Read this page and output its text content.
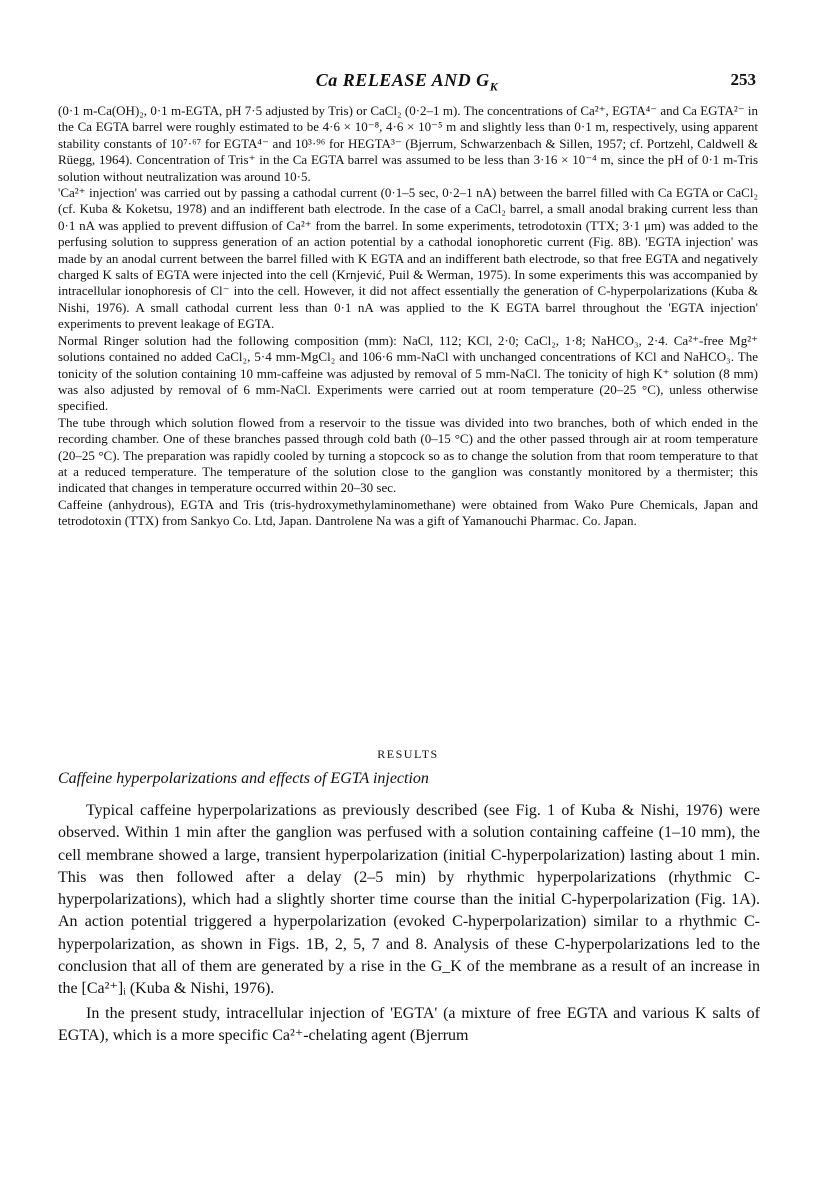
Ca RELEASE AND $G_K$	253

(0·1 m-Ca(OH)₂, 0·1 m-EGTA, pH 7·5 adjusted by Tris) or CaCl₂ (0·2–1 m). The concentrations of Ca²⁺, EGTA⁴⁻ and Ca EGTA²⁻ in the Ca EGTA barrel were roughly estimated to be 4·6 × 10⁻⁸, 4·6 × 10⁻⁵ m and slightly less than 0·1 m, respectively, using apparent stability constants of 10⁷·⁶⁷ for EGTA⁴⁻ and 10³·⁹⁶ for HEGTA³⁻ (Bjerrum, Schwarzenbach & Sillen, 1957; cf. Portzehl, Caldwell & Rüegg, 1964). Concentration of Tris⁺ in the Ca EGTA barrel was assumed to be less than 3·16 × 10⁻⁴ m, since the pH of 0·1 m-Tris solution without neutralization was around 10·5.

'Ca²⁺ injection' was carried out by passing a cathodal current (0·1–5 sec, 0·2–1 nA) between the barrel filled with Ca EGTA or CaCl₂ (cf. Kuba & Koketsu, 1978) and an indifferent bath electrode. In the case of a CaCl₂ barrel, a small anodal braking current less than 0·1 nA was applied to prevent diffusion of Ca²⁺ from the barrel. In some experiments, tetrodotoxin (TTX; 3·1 μm) was added to the perfusing solution to suppress generation of an action potential by a cathodal ionophoretic current (Fig. 8B). 'EGTA injection' was made by an anodal current between the barrel filled with K EGTA and an indifferent bath electrode, so that free EGTA and negatively charged K salts of EGTA were injected into the cell (Krnjević, Puil & Werman, 1975). In some experiments this was accompanied by intracellular ionophoresis of Cl⁻ into the cell. However, it did not affect essentially the generation of C-hyperpolarizations (Kuba & Nishi, 1976). A small cathodal current less than 0·1 nA was applied to the K EGTA barrel throughout the 'EGTA injection' experiments to prevent leakage of EGTA.

Normal Ringer solution had the following composition (mm): NaCl, 112; KCl, 2·0; CaCl₂, 1·8; NaHCO₃, 2·4. Ca²⁺-free Mg²⁺ solutions contained no added CaCl₂, 5·4 mm-MgCl₂ and 106·6 mm-NaCl with unchanged concentrations of KCl and NaHCO₃. The tonicity of the solution containing 10 mm-caffeine was adjusted by removal of 5 mm-NaCl. The tonicity of high K⁺ solution (8 mm) was also adjusted by removal of 6 mm-NaCl. Experiments were carried out at room temperature (20–25 °C), unless otherwise specified.

The tube through which solution flowed from a reservoir to the tissue was divided into two branches, both of which ended in the recording chamber. One of these branches passed through cold bath (0–15 °C) and the other passed through air at room temperature (20–25 °C). The preparation was rapidly cooled by turning a stopcock so as to change the solution from that room temperature to that at a reduced temperature. The temperature of the solution close to the ganglion was constantly monitored by a thermister; this indicated that changes in temperature occurred within 20–30 sec.

Caffeine (anhydrous), EGTA and Tris (tris-hydroxymethylaminomethane) were obtained from Wako Pure Chemicals, Japan and tetrodotoxin (TTX) from Sankyo Co. Ltd, Japan. Dantrolene Na was a gift of Yamanouchi Pharmac. Co. Japan.

RESULTS
Caffeine hyperpolarizations and effects of EGTA injection

Typical caffeine hyperpolarizations as previously described (see Fig. 1 of Kuba & Nishi, 1976) were observed. Within 1 min after the ganglion was perfused with a solution containing caffeine (1–10 mm), the cell membrane showed a large, transient hyperpolarization (initial C-hyperpolarization) lasting about 1 min. This was then followed after a delay (2–5 min) by rhythmic hyperpolarizations (rhythmic C-hyperpolarizations), which had a slightly shorter time course than the initial C-hyperpolarization (Fig. 1A). An action potential triggered a hyperpolarization (evoked C-hyperpolarization) similar to a rhythmic C-hyperpolarization, as shown in Figs. 1B, 2, 5, 7 and 8. Analysis of these C-hyperpolarizations led to the conclusion that all of them are generated by a rise in the G_K of the membrane as a result of an increase in the [Ca²⁺]ᵢ (Kuba & Nishi, 1976).

In the present study, intracellular injection of 'EGTA' (a mixture of free EGTA and various K salts of EGTA), which is a more specific Ca²⁺-chelating agent (Bjerrum
